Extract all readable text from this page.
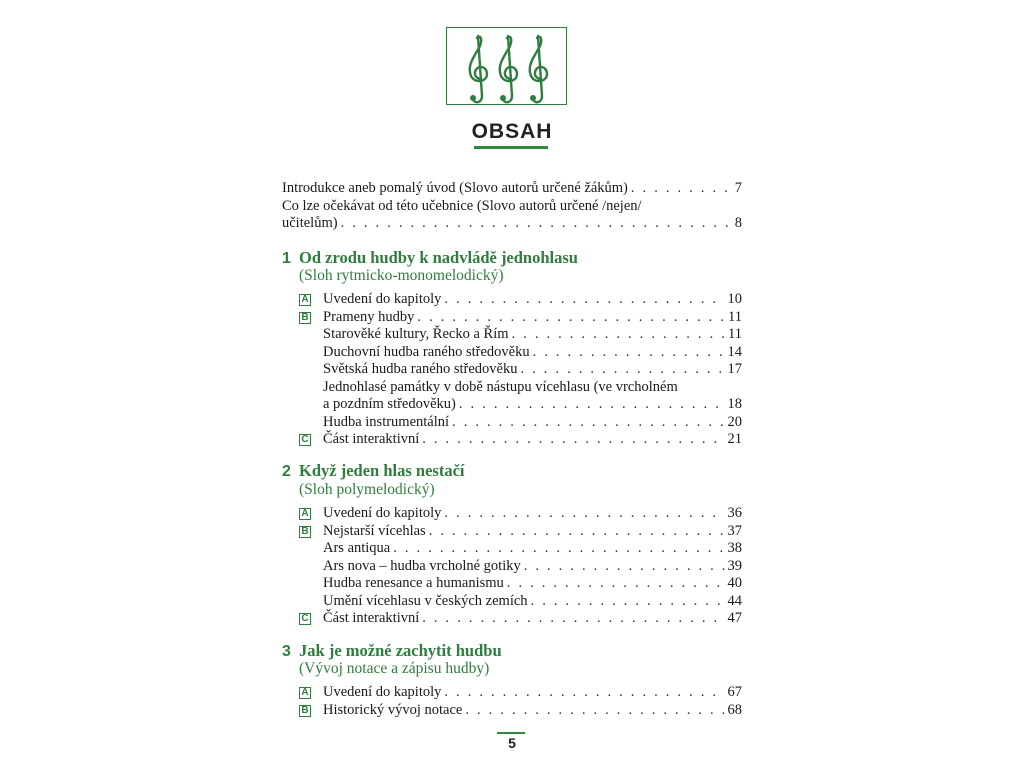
OBSAH
Introdukce aneb pomalý úvod (Slovo autorů určené žákům) . . .	7
Co lze očekávat od této učebnice (Slovo autorů určené /nejen/
učitelům) . . .	8
1 Od zrodu hudby k nadvládě jednohlasu
(Sloh rytmicko-monomelodický)
A Uvedení do kapitoly . . .	10
B Prameny hudby . . .	11
Starověké kultury, Řecko a Řím . . .	11
Duchovní hudba raného středověku . . .	14
Světská hudba raného středověku . . .	17
Jednohlasé památky v době nástupu vícehlasu (ve vrcholném
a pozdním středověku) . . .	18
Hudba instrumentální . . .	20
C Část interaktivní . . .	21
2 Když jeden hlas nestačí
(Sloh polymelodický)
A Uvedení do kapitoly . . .	36
B Nejstarší vícehlas . . .	37
Ars antiqua . . .	38
Ars nova – hudba vrcholné gotiky . . .	39
Hudba renesance a humanismu . . .	40
Umění vícehlasu v českých zemích . . .	44
C Část interaktivní . . .	47
3 Jak je možné zachytit hudbu
(Vývoj notace a zápisu hudby)
A Uvedení do kapitoly . . .	67
B Historický vývoj notace . . .	68
5
